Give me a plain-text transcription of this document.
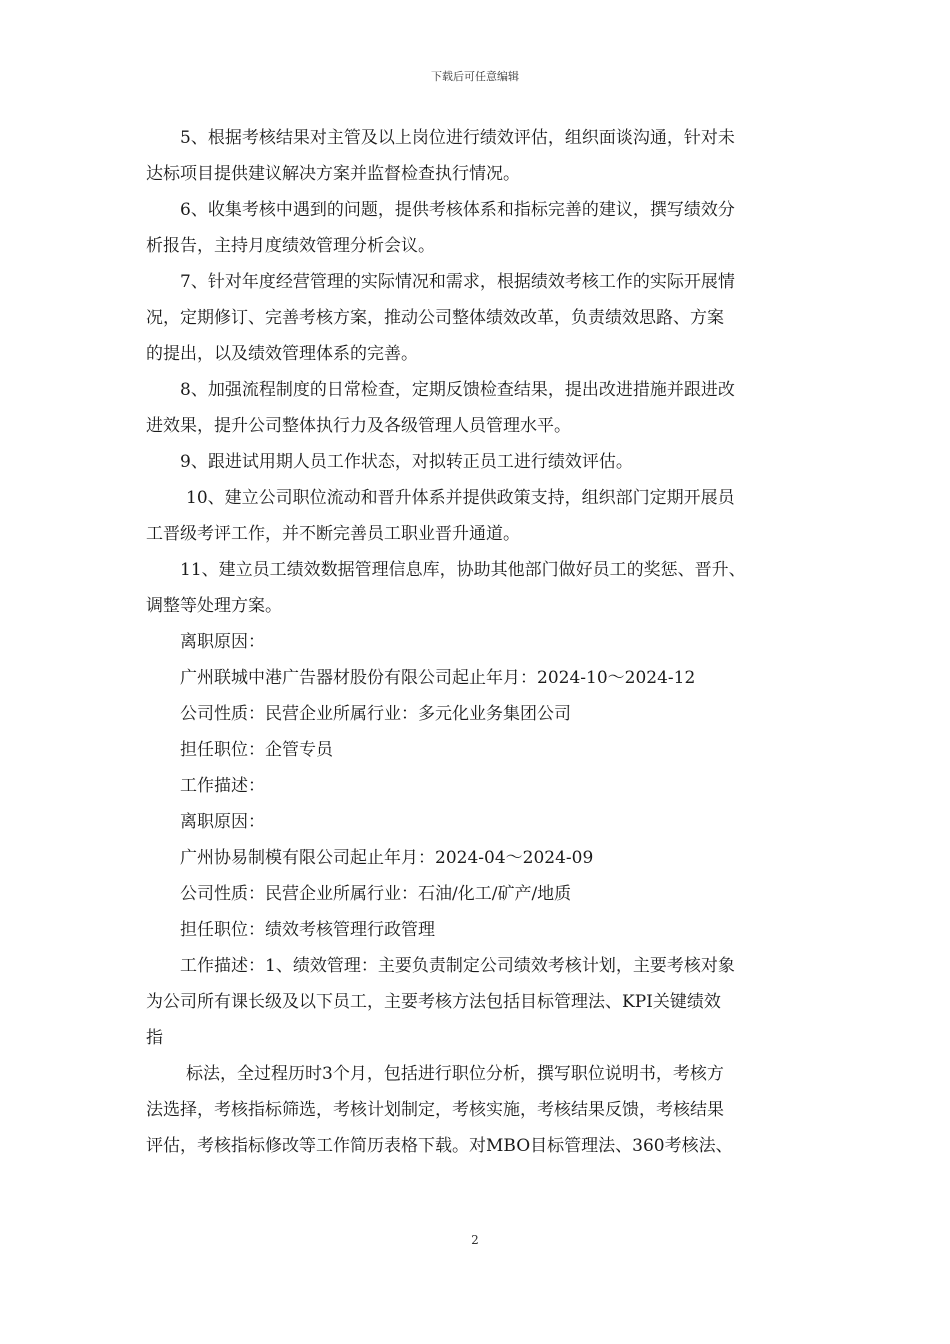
下载后可任意编辑

5、根据考核结果对主管及以上岗位进行绩效评估，组织面谈沟通，针对未

达标项目提供建议解决方案并监督检查执行情况。

6、收集考核中遇到的问题，提供考核体系和指标完善的建议，撰写绩效分

析报告，主持月度绩效管理分析会议。

7、针对年度经营管理的实际情况和需求，根据绩效考核工作的实际开展情

况，定期修订、完善考核方案，推动公司整体绩效改革，负责绩效思路、方案

的提出，以及绩效管理体系的完善。

8、加强流程制度的日常检查，定期反馈检查结果，提出改进措施并跟进改

进效果，提升公司整体执行力及各级管理人员管理水平。

9、跟进试用期人员工作状态，对拟转正员工进行绩效评估。

10、建立公司职位流动和晋升体系并提供政策支持，组织部门定期开展员

工晋级考评工作，并不断完善员工职业晋升通道。

11、建立员工绩效数据管理信息库，协助其他部门做好员工的奖惩、晋升、

调整等处理方案。

离职原因：

广州联城中港广告器材股份有限公司起止年月：2024-10～2024-12

公司性质：民营企业所属行业：多元化业务集团公司

担任职位：企管专员

工作描述：

离职原因：

广州协易制模有限公司起止年月：2024-04～2024-09

公司性质：民营企业所属行业：石油/化工/矿产/地质

担任职位：绩效考核管理行政管理

工作描述：1、绩效管理：主要负责制定公司绩效考核计划，主要考核对象

为公司所有课长级及以下员工，主要考核方法包括目标管理法、KPI关键绩效

指

标法，全过程历时3个月，包括进行职位分析，撰写职位说明书，考核方

法选择，考核指标筛选，考核计划制定，考核实施，考核结果反馈，考核结果

评估，考核指标修改等工作简历表格下载。对MBO目标管理法、360考核法、

2
